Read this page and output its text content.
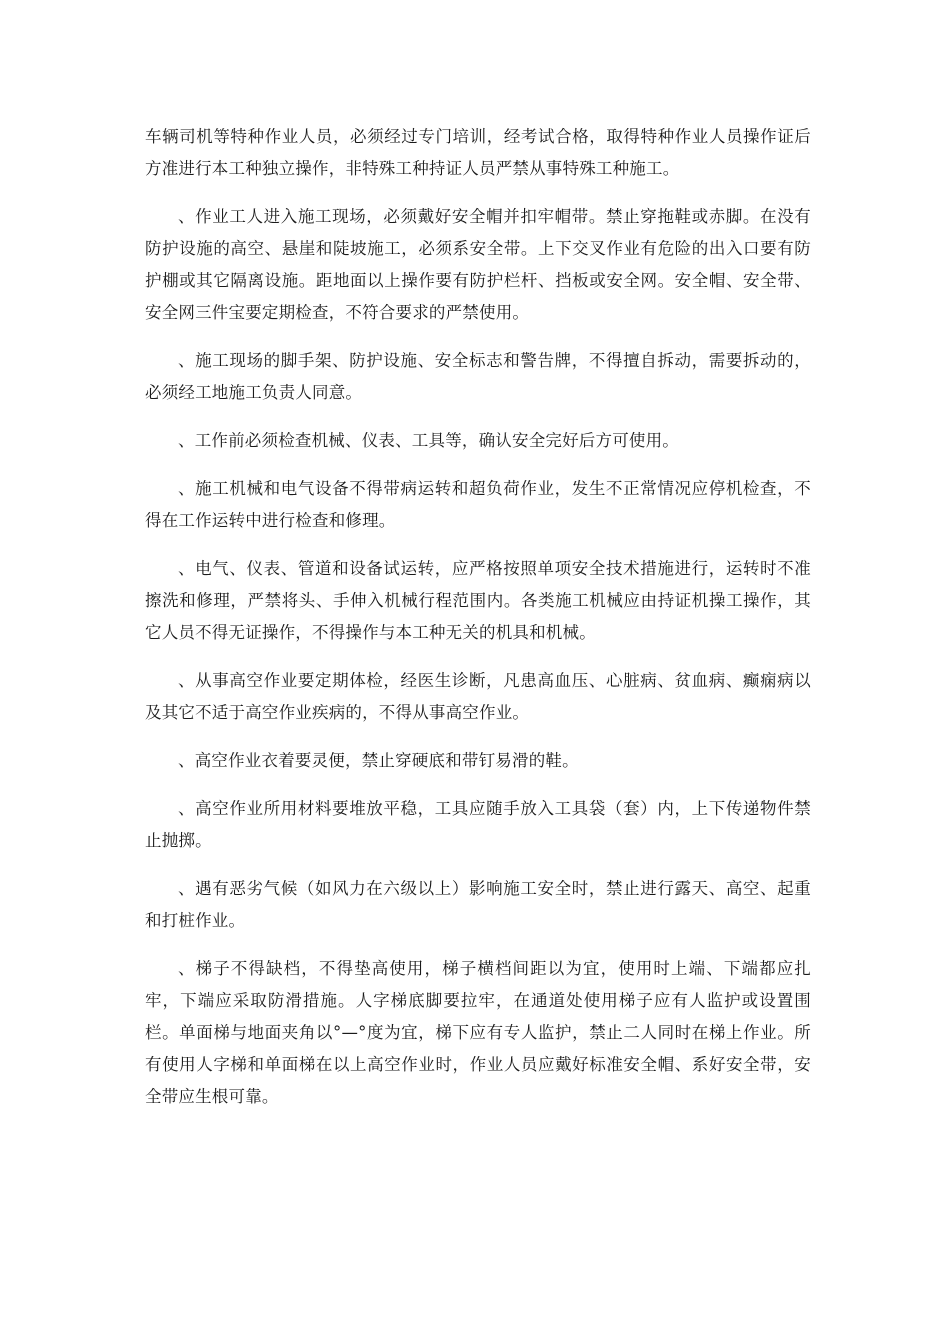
车辆司机等特种作业人员，必须经过专门培训，经考试合格，取得特种作业人员操作证后方准进行本工种独立操作，非特殊工种持证人员严禁从事特殊工种施工。

、作业工人进入施工现场，必须戴好安全帽并扣牢帽带。禁止穿拖鞋或赤脚。在没有防护设施的高空、悬崖和陡坡施工，必须系安全带。上下交叉作业有危险的出入口要有防护棚或其它隔离设施。距地面以上操作要有防护栏杆、挡板或安全网。安全帽、安全带、安全网三件宝要定期检查，不符合要求的严禁使用。

、施工现场的脚手架、防护设施、安全标志和警告牌，不得擅自拆动，需要拆动的，必须经工地施工负责人同意。

、工作前必须检查机械、仪表、工具等，确认安全完好后方可使用。

、施工机械和电气设备不得带病运转和超负荷作业，发生不正常情况应停机检查，不得在工作运转中进行检查和修理。

、电气、仪表、管道和设备试运转，应严格按照单项安全技术措施进行，运转时不准擦洗和修理，严禁将头、手伸入机械行程范围内。各类施工机械应由持证机操工操作，其它人员不得无证操作，不得操作与本工种无关的机具和机械。

、从事高空作业要定期体检，经医生诊断，凡患高血压、心脏病、贫血病、癫痫病以及其它不适于高空作业疾病的，不得从事高空作业。

、高空作业衣着要灵便，禁止穿硬底和带钉易滑的鞋。

、高空作业所用材料要堆放平稳，工具应随手放入工具袋（套）内，上下传递物件禁止抛掷。

、遇有恶劣气候（如风力在六级以上）影响施工安全时，禁止进行露天、高空、起重和打桩作业。

、梯子不得缺档，不得垫高使用，梯子横档间距以为宜，使用时上端、下端都应扎牢，下端应采取防滑措施。人字梯底脚要拉牢，在通道处使用梯子应有人监护或设置围栏。单面梯与地面夹角以°—°度为宜，梯下应有专人监护，禁止二人同时在梯上作业。所有使用人字梯和单面梯在以上高空作业时，作业人员应戴好标准安全帽、系好安全带，安全带应生根可靠。
